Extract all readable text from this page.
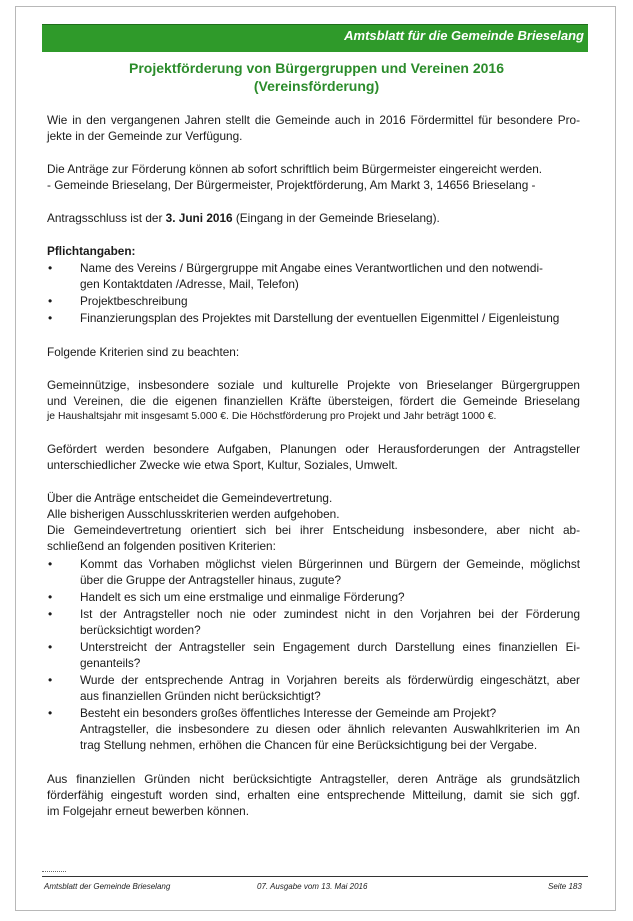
Amtsblatt für die Gemeinde Brieselang
Projektförderung von Bürgergruppen und Vereinen 2016
(Vereinsförderung)
Wie in den vergangenen Jahren stellt die Gemeinde auch in 2016 Fördermittel für besondere Pro-
jekte in der Gemeinde zur Verfügung.
Die Anträge zur Förderung können ab sofort schriftlich beim Bürgermeister eingereicht werden.
- Gemeinde Brieselang, Der Bürgermeister, Projektförderung, Am Markt 3, 14656 Brieselang -
Antragsschluss ist der 3. Juni 2016 (Eingang in der Gemeinde Brieselang).
Pflichtangaben:
•
Name des Vereins / Bürgergruppe mit Angabe eines Verantwortlichen und den notwendi-
gen Kontaktdaten /Adresse, Mail, Telefon)
•
Projektbeschreibung
•
Finanzierungsplan des Projektes mit Darstellung der eventuellen Eigenmittel / Eigenleistung
Folgende Kriterien sind zu beachten:
Gemeinnützige, insbesondere soziale und kulturelle Projekte von Brieselanger Bürgergruppen
und Vereinen, die die eigenen finanziellen Kräfte übersteigen, fördert die Gemeinde Brieselang
je Haushaltsjahr mit insgesamt 5.000 €. Die Höchstförderung pro Projekt und Jahr beträgt 1000 €.
Gefördert werden besondere Aufgaben, Planungen oder Herausforderungen der Antragsteller
unterschiedlicher Zwecke wie etwa Sport, Kultur, Soziales, Umwelt.
Über die Anträge entscheidet die Gemeindevertretung.
Alle bisherigen Ausschlusskriterien werden aufgehoben.
Die Gemeindevertretung orientiert sich bei ihrer Entscheidung insbesondere, aber nicht ab-
schließend an folgenden positiven Kriterien:
•
Kommt das Vorhaben möglichst vielen Bürgerinnen und Bürgern der Gemeinde, möglichst
über die Gruppe der Antragsteller hinaus, zugute?
•
Handelt es sich um eine erstmalige und einmalige Förderung?
•
Ist der Antragsteller noch nie oder zumindest nicht in den Vorjahren bei der Förderung
berücksichtigt worden?
•
Unterstreicht der Antragsteller sein Engagement durch Darstellung eines finanziellen Ei-
genanteils?
•
Wurde der entsprechende Antrag in Vorjahren bereits als förderwürdig eingeschätzt, aber
aus finanziellen Gründen nicht berücksichtigt?
•
Besteht ein besonders großes öffentliches Interesse der Gemeinde am Projekt?
Antragsteller, die insbesondere zu diesen oder ähnlich relevanten Auswahlkriterien im An
trag Stellung nehmen, erhöhen die Chancen für eine Berücksichtigung bei der Vergabe.
Aus finanziellen Gründen nicht berücksichtigte Antragsteller, deren Anträge als grundsätzlich
förderfähig eingestuft worden sind, erhalten eine entsprechende Mitteilung, damit sie sich ggf.
im Folgejahr erneut bewerben können.
Amtsblatt der Gemeinde Brieselang	07. Ausgabe vom 13. Mai 2016	Seite 183
